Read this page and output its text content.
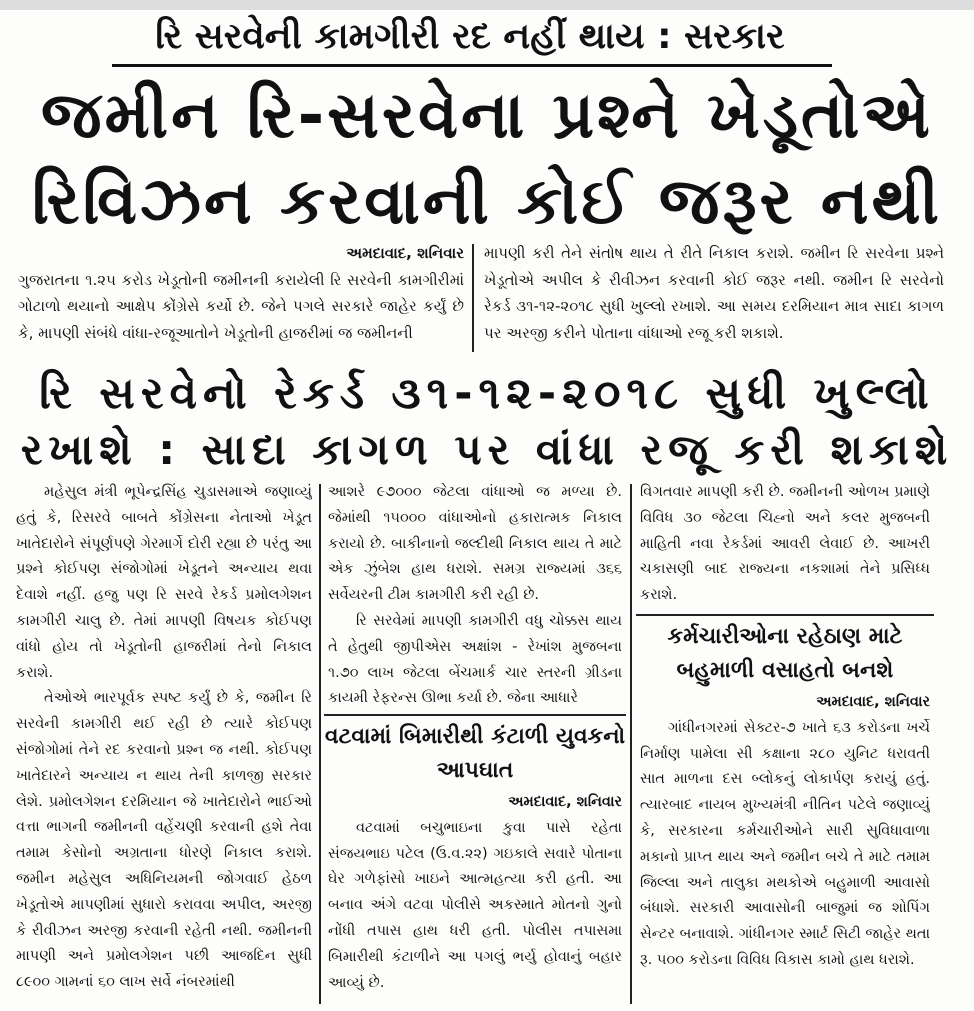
રિ સરવેની કામગીરી રદ નહીં થાય : સરકાર
જમીન રિ-સરવેના પ્રશ્ને ખેડૂતોએ
રિવિઝન કરવાની કોઈ જરૂર નથી
અમદાવાદ, શનિવાર
ગુજરાતના ૧.૨૫ કરોડ ખેડૂતોની જમીનની કરાયેલી રિ સરવેની કામગીરીમાં ગોટાળો થયાનો આક્ષેપ કોંગ્રેસે કર્યો છે. જેને પગલે સરકારે જાહેર કર્યું છે કે, માપણી સંબંધે વાંધા-રજૂઆતોને ખેડૂતોની હાજરીમાં જ જમીનની
માપણી કરી તેને સંતોષ થાય તે રીતે નિકાલ કરાશે. જમીન રિ સરવેના પ્રશ્ને ખેડૂતોએ અપીલ કે રીવીઝન કરવાની કોઈ જરૂર નથી. જમીન રિ સરવેનો રેકર્ડ ૩૧-૧૨-૨૦૧૮ સુધી ખુલ્લો રખાશે. આ સમય દરમિયાન માત્ર સાદા કાગળ પર અરજી કરીને પોતાના વાંધાઓ રજૂ કરી શકાશે.
રિ સરવેનો રેકર્ડ ૩૧-૧૨-૨૦૧૮ સુધી ખુલ્લો
રખાશે : સાદા કાગળ પર વાંધા રજૂ કરી શકાશે

મહેસુલ મંત્રી ભૂપેન્દ્રસિંહ ચુડાસમાએ જણાવ્યું હતું કે, રિસરવે બાબતે કોંગ્રેસના નેતાઓ ખેડૂત ખાતેદારોને સંપૂર્ણપણે ગેરમાર્ગે દોરી રહ્યા છે પરંતુ આ પ્રશ્ને કોઈપણ સંજોગોમાં ખેડૂતને અન્યાય થવા દેવાશે નહીં. હજુ પણ રિ સરવે રેકર્ડ પ્રમોલગેશન કામગીરી ચાલુ છે. તેમાં માપણી વિષયક કોઈપણ વાંધો હોય તો ખેડૂતોની હાજરીમાં તેનો નિકાલ કરાશે.

તેઓએ ભારપૂર્વક સ્પષ્ટ કર્યું છે કે, જમીન રિ સરવેની કામગીરી થઈ રહી છે ત્યારે કોઈપણ સંજોગોમાં તેને રદ કરવાનો પ્રશ્ન જ નથી. કોઈપણ ખાતેદારને અન્યાય ન થાય તેની કાળજી સરકાર લેશે. પ્રમોલગેશન દરમિયાન જે ખાતેદારોને ભાઈઓ વત્તા ભાગની જમીનની વહેંચણી કરવાની હશે તેવા તમામ કેસોનો અગ્રતાના ધોરણે નિકાલ કરાશે. જમીન મહેસુલ અધિનિયમની જોગવાઈ હેઠળ ખેડૂતોએ માપણીમાં સુધારો કરાવવા અપીલ, અરજી કે રીવીઝન અરજી કરવાની રહેતી નથી. જમીનની માપણી અને પ્રમોલગેશન પછી આજદિન સુધી ૮૯૦૦ ગામનાં ૬૦ લાખ સર્વે નંબરમાંથી

આશરે ૯૭૦૦૦ જેટલા વાંધાઓ જ મળ્યા છે. જેમાંથી ૧૫૦૦૦ વાંધાઓનો હકારાત્મક નિકાલ કરાયો છે. બાકીનાનો જલ્દીથી નિકાલ થાય તે માટે એક ઝુંબેશ હાથ ધરાશે. સમગ્ર રાજ્યમાં ૩૬૬ સર્વેયરની ટીમ કામગીરી કરી રહી છે.

રિ સરવેમાં માપણી કામગીરી વધુ ચોક્કસ થાય તે હેતુથી જીપીએસ અક્ષાંશ - રેખાંશ મુજબના ૧.૭૦ લાખ જેટલા બેંચમાર્ક ચાર સ્તરની ગ્રીડના કાયમી રેફરન્સ ઊભા કર્યા છે. જેના આધારે

વટવામાં બિમારીથી કંટાળી યુવકનો આપઘાત
અમદાવાદ, શનિવાર

વટવામાં બચુભાઇના કુવા પાસે રહેતા સંજયભાઇ પટેલ (ઉ.વ.૨૨) ગઇકાલે સવારે પોતાના ઘેર ગળેફાંસો ખાઇને આત્મહત્યા કરી હતી. આ બનાવ અંગે વટવા પોલીસે અકસ્માતે મોતનો ગુનો નોંધી તપાસ હાથ ધરી હતી. પોલીસ તપાસમા બિમારીથી કંટાળીને આ પગલું ભર્યુ હોવાનું બહાર આવ્યું છે.

વિગતવાર માપણી કરી છે. જમીનની ઓળખ પ્રમાણે વિવિધ ૩૦ જેટલા ચિહ્નો અને કલર મુજબની માહિતી નવા રેકર્ડમાં આવરી લેવાઈ છે. આખરી ચકાસણી બાદ રાજ્યના નકશામાં તેને પ્રસિધ્ધ કરાશે.

કર્મચારીઓના રહેઠાણ માટે બહુમાળી વસાહતો બનશે
અમદાવાદ, શનિવાર

ગાંધીનગરમાં સેક્ટર-૭ ખાતે ૬૩ કરોડના ખર્ચે નિર્માણ પામેલા સી કક્ષાના ૨૮૦ યુનિટ ધરાવતી સાત માળના દસ બ્લોકનું લોકાર્પણ કરાયું હતું. ત્યારબાદ નાયબ મુખ્યમંત્રી નીતિન પટેલે જણાવ્યું કે, સરકારના કર્મચારીઓને સારી સુવિધાવાળા મકાનો પ્રાપ્ત થાય અને જમીન બચે તે માટે તમામ જિલ્લા અને તાલુકા મથકોએ બહુમાળી આવાસો બંધાશે. સરકારી આવાસોની બાજુમાં જ શોપિંગ સેન્ટર બનાવાશે. ગાંધીનગર સ્માર્ટ સિટી જાહેર થતા રૂ. ૫૦૦ કરોડના વિવિધ વિકાસ કામો હાથ ધરાશે.
